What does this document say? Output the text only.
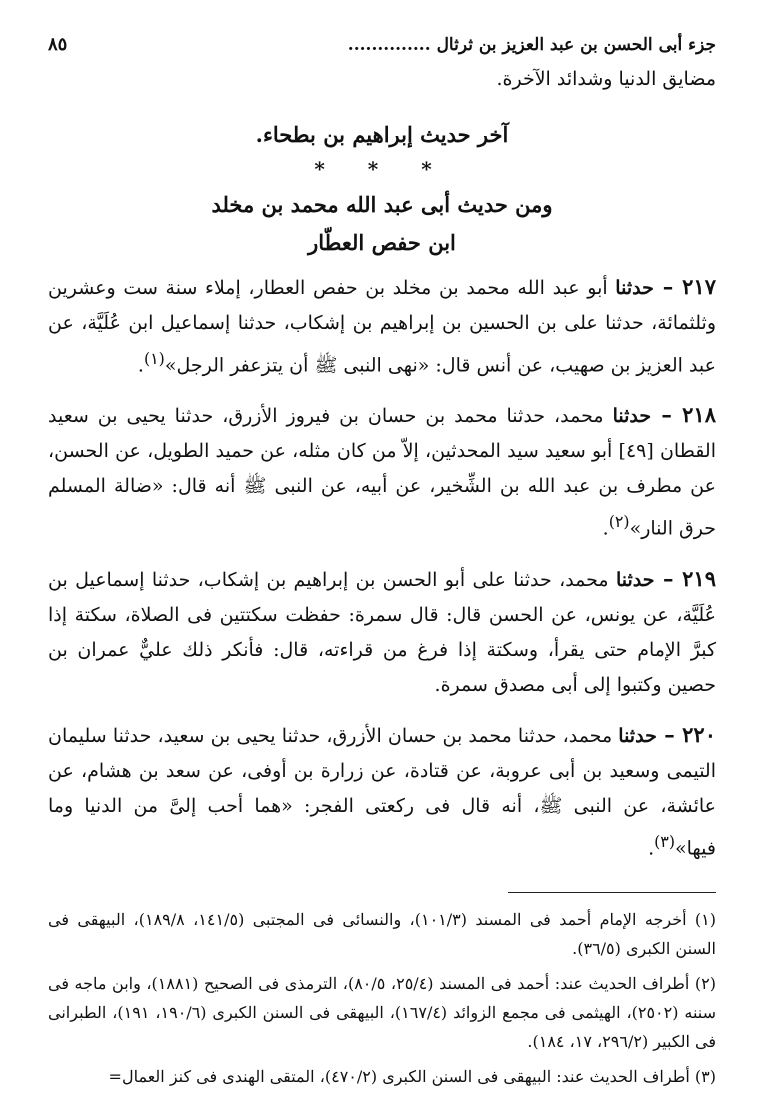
جزء أبى الحسن بن عبد العزيز بن ثرثال ..............
٨٥

مضايق الدنيا وشدائد الآخرة.

آخر حديث إبراهيم بن بطحاء.

* * *

ومن حديث أبى عبد الله محمد بن مخلد

ابن حفص العطّار

٢١٧ – حدثنا أبو عبد الله محمد بن مخلد بن حفص العطار، إملاء سنة ست وعشرين وثلثمائة، حدثنا على بن الحسين بن إبراهيم بن إشكاب، حدثنا إسماعيل ابن عُلَيَّة، عن عبد العزيز بن صهيب، عن أنس قال: «نهى النبى ﷺ أن يتزعفر الرجل»$^{(١)}$.

٢١٨ – حدثنا محمد، حدثنا محمد بن حسان بن فيروز الأزرق، حدثنا يحيى بن سعيد القطان [٤٩] أبو سعيد سيد المحدثين، إلاّ من كان مثله، عن حميد الطويل، عن الحسن، عن مطرف بن عبد الله بن الشِّخير، عن أبيه، عن النبى ﷺ أنه قال: «ضالة المسلم حرق النار»$^{(٢)}$.

٢١٩ – حدثنا محمد، حدثنا على أبو الحسن بن إبراهيم بن إشكاب، حدثنا إسماعيل بن عُلَيَّة، عن يونس، عن الحسن قال: قال سمرة: حفظت سكتتين فى الصلاة، سكتة إذا كبرَّ الإمام حتى يقرأ، وسكتة إذا فرغ من قراءته، قال: فأنكر ذلك عليٌّ عمران بن حصين وكتبوا إلى أبى مصدق سمرة.

٢٢٠ – حدثنا محمد، حدثنا محمد بن حسان الأزرق، حدثنا يحيى بن سعيد، حدثنا سليمان التيمى وسعيد بن أبى عروبة، عن قتادة، عن زرارة بن أوفى، عن سعد بن هشام، عن عائشة، عن النبى ﷺ، أنه قال فى ركعتى الفجر: «هما أحب إلىَّ من الدنيا وما فيها»$^{(٣)}$.

(١) أخرجه الإمام أحمد فى المسند (١٠١/٣)، والنسائى فى المجتبى (١٤١/٥، ١٨٩/٨)، البيهقى فى السنن الكبرى (٣٦/٥).

(٢) أطراف الحديث عند: أحمد فى المسند (٢٥/٤، ٨٠/٥)، الترمذى فى الصحيح (١٨٨١)، وابن ماجه فى سننه (٢٥٠٢)، الهيثمى فى مجمع الزوائد (١٦٧/٤)، البيهقى فى السنن الكبرى (١٩٠/٦، ١٩١)، الطبرانى فى الكبير (٢٩٦/٢، ١٧، ١٨٤).

(٣) أطراف الحديث عند: البيهقى فى السنن الكبرى (٤٧٠/٢)، المتقى الهندى فى كنز العمال=
